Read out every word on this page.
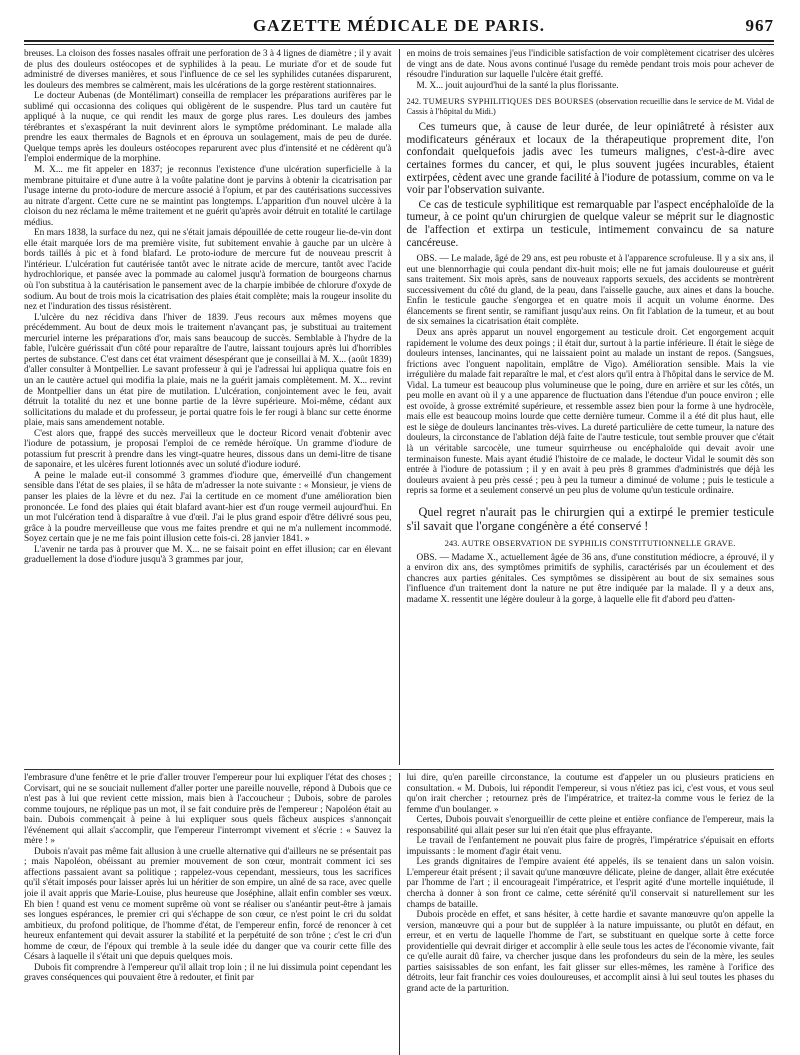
GAZETTE MÉDICALE DE PARIS.	967

breuses. La cloison des fosses nasales offrait une perforation de 3 à 4 lignes de diamètre ; il y avait de plus des douleurs ostéocopes et de syphilides à la peau. Le muriate d'or et de soude fut administré de diverses manières, et sous l'influence de ce sel les syphilides cutanées disparurent, les douleurs des membres se calmèrent, mais les ulcérations de la gorge restèrent stationnaires.

Le docteur Aubenas (de Montélimart) conseilla de remplacer les préparations aurifères par le sublimé qui occasionna des coliques qui obligèrent de le suspendre. Plus tard un cautère fut appliqué à la nuque, ce qui rendit les maux de gorge plus rares. Les douleurs des jambes térébrantes et s'exaspérant la nuit devinrent alors le symptôme prédominant. Le malade alla prendre les eaux thermales de Bagnols et en éprouva un soulagement, mais de peu de durée. Quelque temps après les douleurs ostéocopes reparurent avec plus d'intensité et ne cédèrent qu'à l'emploi endermique de la morphine.

M. X... me fit appeler en 1837; je reconnus l'existence d'une ulcération superficielle à la membrane pituitaire et d'une autre à la voûte palatine dont je parvins à obtenir la cicatrisation par l'usage interne du proto-iodure de mercure associé à l'opium, et par des cautérisations successives au nitrate d'argent. Cette cure ne se maintint pas longtemps. L'apparition d'un nouvel ulcère à la cloison du nez réclama le même traitement et ne guérit qu'après avoir détruit en totalité le cartilage médius.

En mars 1838, la surface du nez, qui ne s'était jamais dépouillée de cette rougeur lie-de-vin dont elle était marquée lors de ma première visite, fut subitement envahie à gauche par un ulcère à bords taillés à pic et à fond blafard. Le proto-iodure de mercure fut de nouveau prescrit à l'intérieur. L'ulcération fut cautérisée tantôt avec le nitrate acide de mercure, tantôt avec l'acide hydrochlorique, et pansée avec la pommade au calomel jusqu'à formation de bourgeons charnus où l'on substitua à la cautérisation le pansement avec de la charpie imbibée de chlorure d'oxyde de sodium. Au bout de trois mois la cicatrisation des plaies était complète; mais la rougeur insolite du nez et l'induration des tissus résistèrent.

L'ulcère du nez récidiva dans l'hiver de 1839. J'eus recours aux mêmes moyens que précédemment. Au bout de deux mois le traitement n'avançant pas, je substituai au traitement mercuriel interne les préparations d'or, mais sans beaucoup de succès. Semblable à l'hydre de la fable, l'ulcère guérissait d'un côté pour reparaître de l'autre, laissant toujours après lui d'horribles pertes de substance. C'est dans cet état vraiment désespérant que je conseillai à M. X... (août 1839) d'aller consulter à Montpellier. Le savant professeur à qui je l'adressai lui appliqua quatre fois en un an le cautère actuel qui modifia la plaie, mais ne la guérit jamais complètement. M. X... revint de Montpellier dans un état pire de mutilation. L'ulcération, conjointement avec le feu, avait détruit la totalité du nez et une bonne partie de la lèvre supérieure. Moi-même, cédant aux sollicitations du malade et du professeur, je portai quatre fois le fer rougi à blanc sur cette énorme plaie, mais sans amendement notable.

C'est alors que, frappé des succès merveilleux que le docteur Ricord venait d'obtenir avec l'iodure de potassium, je proposai l'emploi de ce remède héroïque. Un gramme d'iodure de potassium fut prescrit à prendre dans les vingt-quatre heures, dissous dans un demi-litre de tisane de saponaire, et les ulcères furent lotionnés avec un soluté d'iodure ioduré.

A peine le malade eut-il consommé 3 grammes d'iodure que, émerveillé d'un changement sensible dans l'état de ses plaies, il se hâta de m'adresser la note suivante : « Monsieur, je viens de panser les plaies de la lèvre et du nez. J'ai la certitude en ce moment d'une amélioration bien prononcée. Le fond des plaies qui était blafard avant-hier est d'un rouge vermeil aujourd'hui. En un mot l'ulcération tend à disparaître à vue d'œil. J'ai le plus grand espoir d'être délivré sous peu, grâce à la poudre merveilleuse que vous me faites prendre et qui ne m'a nullement incommodé. Soyez certain que je ne me fais point illusion cette fois-ci. 28 janvier 1841. »

L'avenir ne tarda pas à prouver que M. X... ne se faisait point en effet illusion; car en élevant graduellement la dose d'iodure jusqu'à 3 grammes par jour,

en moins de trois semaines j'eus l'indicible satisfaction de voir complètement cicatriser des ulcères de vingt ans de date. Nous avons continué l'usage du remède pendant trois mois pour achever de résoudre l'induration sur laquelle l'ulcère était greffé.

M. X... jouit aujourd'hui de la santé la plus florissante.

242. TUMEURS SYPHILITIQUES DES BOURSES (observation recueillie dans le service de M. Vidal de Cassis à l'hôpital du Midi.)

Ces tumeurs que, à cause de leur durée, de leur opiniâtreté à résister aux modificateurs généraux et locaux de la thérapeutique proprement dite, l'on confondait quelquefois jadis avec les tumeurs malignes, c'est-à-dire avec certaines formes du cancer, et qui, le plus souvent jugées incurables, étaient extirpées, cèdent avec une grande facilité à l'iodure de potassium, comme on va le voir par l'observation suivante.

Ce cas de testicule syphilitique est remarquable par l'aspect encéphaloïde de la tumeur, à ce point qu'un chirurgien de quelque valeur se méprit sur le diagnostic de l'affection et extirpa un testicule, intimement convaincu de sa nature cancéreuse.

OBS. — Le malade, âgé de 29 ans, est peu robuste et à l'apparence scrofuleuse. Il y a six ans, il eut une blennorrhagie qui coula pendant dix-huit mois; elle ne fut jamais douloureuse et guérit sans traitement. Six mois après, sans de nouveaux rapports sexuels, des accidents se montrèrent successivement du côté du gland, de la peau, dans l'aisselle gauche, aux aines et dans la bouche. Enfin le testicule gauche s'engorgea et en quatre mois il acquit un volume énorme. Des élancements se firent sentir, se ramifiant jusqu'aux reins. On fit l'ablation de la tumeur, et au bout de six semaines la cicatrisation était complète.

Deux ans après apparut un nouvel engorgement au testicule droit. Cet engorgement acquit rapidement le volume des deux poings ; il était dur, surtout à la partie inférieure. Il était le siège de douleurs intenses, lancinantes, qui ne laissaient point au malade un instant de repos. (Sangsues, frictions avec l'onguent napolitain, emplâtre de Vigo). Amélioration sensible. Mais la vie irrégulière du malade fait reparaître le mal, et c'est alors qu'il entra à l'hôpital dans le service de M. Vidal. La tumeur est beaucoup plus volumineuse que le poing, dure en arrière et sur les côtés, un peu molle en avant où il y a une apparence de fluctuation dans l'étendue d'un pouce environ ; elle est ovoïde, à grosse extrémité supérieure, et ressemble assez bien pour la forme à une hydrocèle, mais elle est beaucoup moins lourde que cette dernière tumeur. Comme il a été dit plus haut, elle est le siège de douleurs lancinantes très-vives. La dureté particulière de cette tumeur, la nature des douleurs, la circonstance de l'ablation déjà faite de l'autre testicule, tout semble prouver que c'était là un véritable sarcocèle, une tumeur squirrheuse ou encéphaloïde qui devait avoir une terminaison funeste. Mais ayant étudié l'histoire de ce malade, le docteur Vidal le soumit dès son entrée à l'iodure de potassium ; il y en avait à peu près 8 grammes d'administrés que déjà les douleurs avaient à peu près cessé ; peu à peu la tumeur a diminué de volume ; puis le testicule a repris sa forme et a seulement conservé un peu plus de volume qu'un testicule ordinaire.

Quel regret n'aurait pas le chirurgien qui a extirpé le premier testicule s'il savait que l'organe congénère a été conservé !

243. AUTRE OBSERVATION DE SYPHILIS CONSTITUTIONNELLE GRAVE.

OBS. — Madame X., actuellement âgée de 36 ans, d'une constitution médiocre, a éprouvé, il y a environ dix ans, des symptômes primitifs de syphilis, caractérisés par un écoulement et des chancres aux parties génitales. Ces symptômes se dissipèrent au bout de six semaines sous l'influence d'un traitement dont la nature ne put être indiquée par la malade. Il y a deux ans, madame X. ressentit une légère douleur à la gorge, à laquelle elle fit d'abord peu d'atten-

l'embrasure d'une fenêtre et le prie d'aller trouver l'empereur pour lui expliquer l'état des choses ; Corvisart, qui ne se souciait nullement d'aller porter une pareille nouvelle, répond à Dubois que ce n'est pas à lui que revient cette mission, mais bien à l'accoucheur ; Dubois, sobre de paroles comme toujours, ne réplique pas un mot, il se fait conduire près de l'empereur ; Napoléon était au bain. Dubois commençait à peine à lui expliquer sous quels fâcheux auspices s'annonçait l'événement qui allait s'accomplir, que l'empereur l'interrompt vivement et s'écrie : « Sauvez la mère ! »

Dubois n'avait pas même fait allusion à une cruelle alternative qui d'ailleurs ne se présentait pas ; mais Napoléon, obéissant au premier mouvement de son cœur, montrait comment ici ses affections passaient avant sa politique ; rappelez-vous cependant, messieurs, tous les sacrifices qu'il s'était imposés pour laisser après lui un héritier de son empire, un aîné de sa race, avec quelle joie il avait appris que Marie-Louise, plus heureuse que Joséphine, allait enfin combler ses vœux. Eh bien ! quand est venu ce moment suprême où vont se réaliser ou s'anéantir peut-être à jamais ses longues espérances, le premier cri qui s'échappe de son cœur, ce n'est point le cri du soldat ambitieux, du profond politique, de l'homme d'état, de l'empereur enfin, forcé de renoncer à cet heureux enfantement qui devait assurer la stabilité et la perpétuité de son trône ; c'est le cri d'un homme de cœur, de l'époux qui tremble à la seule idée du danger que va courir cette fille des Césars à laquelle il s'était uni que depuis quelques mois.

Dubois fit comprendre à l'empereur qu'il allait trop loin ; il ne lui dissimula point cependant les graves conséquences qui pouvaient être à redouter, et finit par

lui dire, qu'en pareille circonstance, la coutume est d'appeler un ou plusieurs praticiens en consultation. « M. Dubois, lui répondit l'empereur, si vous n'étiez pas ici, c'est vous, et vous seul qu'on irait chercher ; retournez près de l'impératrice, et traitez-la comme vous le feriez de la femme d'un boulanger. »

Certes, Dubois pouvait s'enorgueillir de cette pleine et entière confiance de l'empereur, mais la responsabilité qui allait peser sur lui n'en était que plus effrayante.

Le travail de l'enfantement ne pouvait plus faire de progrès, l'impératrice s'épuisait en efforts impuissants : le moment d'agir était venu.

Les grands dignitaires de l'empire avaient été appelés, ils se tenaient dans un salon voisin. L'empereur était présent ; il savait qu'une manœuvre délicate, pleine de danger, allait être exécutée par l'homme de l'art ; il encourageait l'impératrice, et l'esprit agité d'une mortelle inquiétude, il chercha à donner à son front ce calme, cette sérénité qu'il conservait si naturellement sur les champs de bataille.

Dubois procède en effet, et sans hésiter, à cette hardie et savante manœuvre qu'on appelle la version, manœuvre qui a pour but de suppléer à la nature impuissante, ou plutôt en défaut, en erreur, et en vertu de laquelle l'homme de l'art, se substituant en quelque sorte à cette force providentielle qui devrait diriger et accomplir à elle seule tous les actes de l'économie vivante, fait ce qu'elle aurait dû faire, va chercher jusque dans les profondeurs du sein de la mère, les seules parties saisissables de son enfant, les fait glisser sur elles-mêmes, les ramène à l'orifice des détroits, leur fait franchir ces voies douloureuses, et accomplit ainsi à lui seul toutes les phases du grand acte de la parturition.
